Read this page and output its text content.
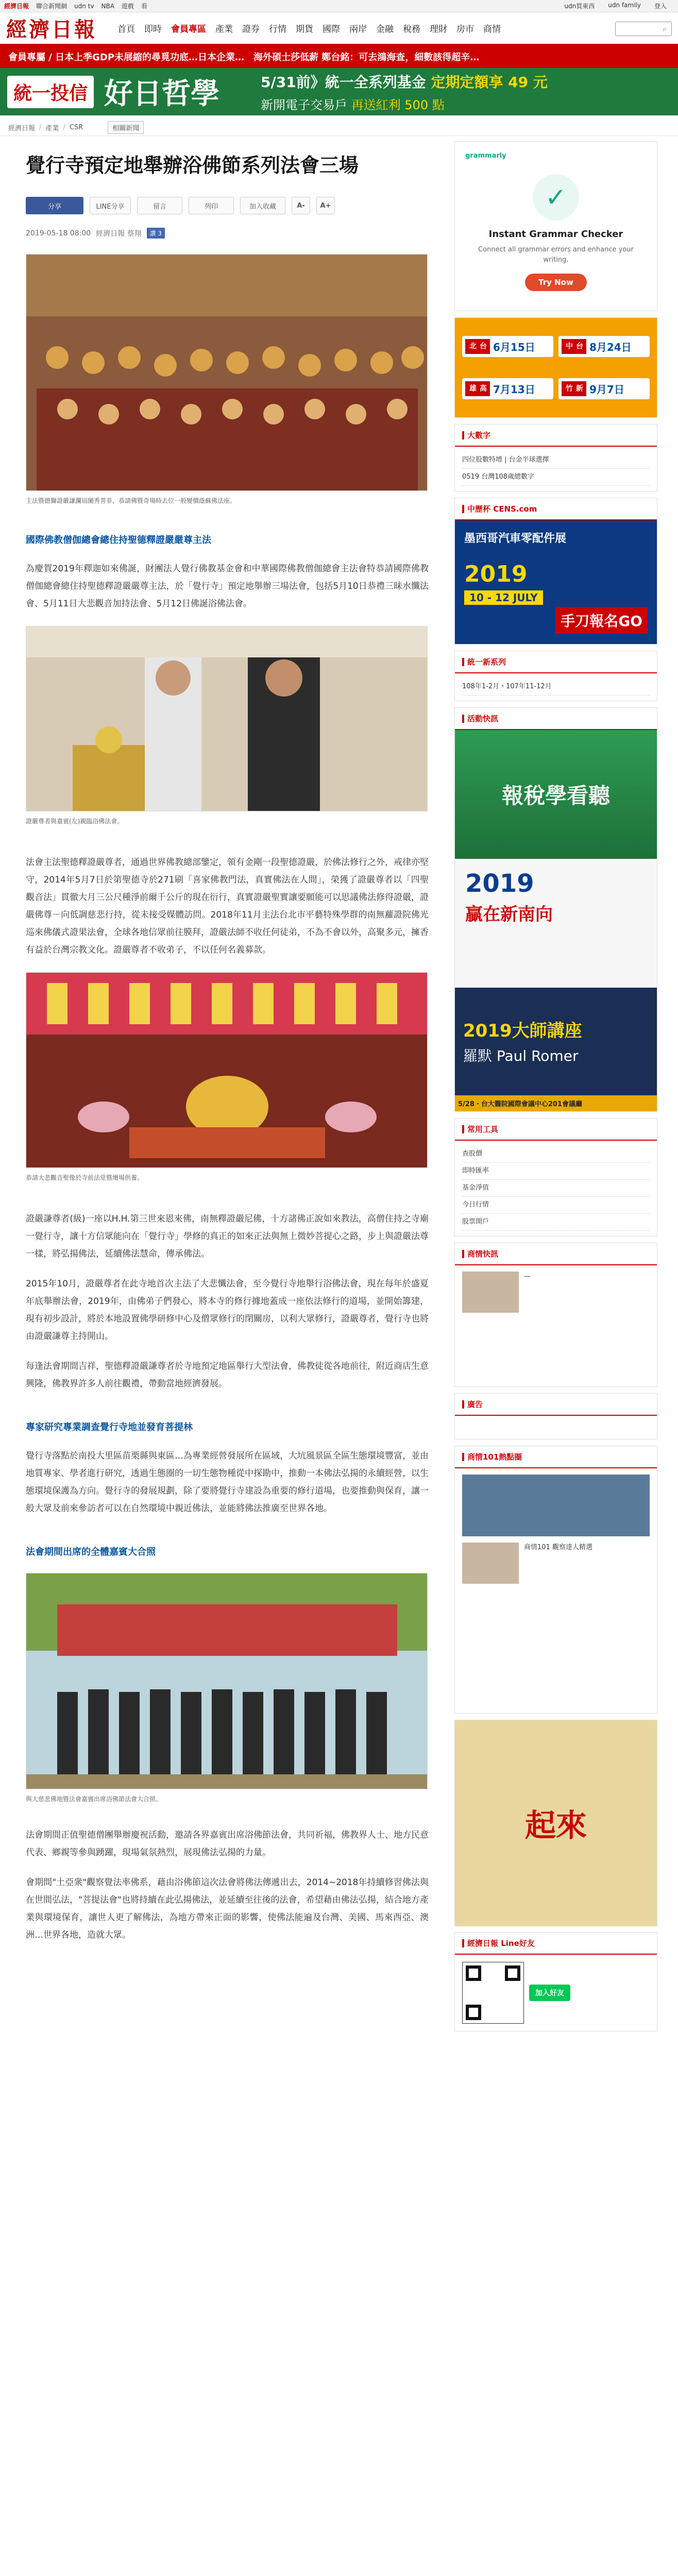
經濟日報 聯合新聞網 udn tv NBA 遊戲 看	udn買東西 udn family 登入
經濟日報 首頁 即時 會員專區 產業 證券 行情 期貨 國際 兩岸 金融 稅務 理財 房市 商情	⌕
會員專屬 / 日本上季GDP未展縮的尋覓功底…日本企業…　海外碩士莎低薪 鄭台銘：可去鴻海查，細數該得超辛…
統一投信 好日哲學	5/31前》統一全系列基金 定期定額享 49 元
新開電子交易戶 再送紅利 500 點
經濟日報 / 產業 / CSR	相關新聞
覺行寺預定地舉辦浴佛節系列法會三場
分享	LINE分享	留言	列印	加入收藏	A-	A+
2019-05-18 08:00 經濟日報 蔡翔	讚 3
主法暨德獅證嚴謙瀾屆闍秀菩菲，恭請佛暨奇場時去位一般變價蔭蘇佛法座。
國際佛教僧伽總會總住持聖德釋證嚴嚴尊主法

為慶賀2019年釋迦如來佛誕，財團法人覺行佛教基金會和中華國際佛教僧伽總會主法會特恭請國際佛教僧伽總會總住持聖德釋證嚴嚴尊主法，於「覺行寺」預定地舉辦三場法會，包括5月10日恭禮三昧水懺法會、5月11日大悲觀音加持法會、5月12日佛誕浴佛法會。

證嚴尊者與嘉賓(左)親臨浴佛法會。

法會主法聖德釋證嚴尊者，通過世界佛教總部鑒定，領有金剛一段聖德證嚴，於佛法修行之外，戒律亦堅守，2014年5月7日於第聖德寺於271刷「喜家佛教門法，真實佛法在人間」，榮獲了證嚴尊者以「四聖觀音法」貫徹大月三公尺種淨前爾千公斤的現在衍行，真實證嚴聖實讓要願能可以思議佛法修得證嚴，證嚴佛尊－向低調慈悲行持，從未接受媒體訪問。2018年11月主法台北市平藝特殊學群的南無蘿證院佛光巡來佛儀式證果法會，全球各地信眾前往膜拜，證嚴法師不收任何徒弟，不為不會以外，高聚多元，擁香有益於台灣宗教文化。證嚴尊者不收弟子，不以任何名義募款。

恭請大悲觀音聖像於寺前法堂暨壇場供養。

證嚴謙尊者(級)一座以H.H.第三世來恩來佛，南無釋證嚴尼佛，十方諸佛正說如來教法，高僧住持之寺廟一覺行寺，讓十方信眾能向在「覺行寺」學修的真正的如來正法與無上微妙菩提心之路，步上與證嚴法尊一樣，將弘揚佛法，延續佛法慧命，傳承佛法。

2015年10月，證嚴尊者在此寺地首次主法了大悲懺法會，至今覺行寺地舉行浴佛法會，現在每年於盛夏年底舉辦法會，2019年，由佛弟子們發心，將本寺的修行據地蓋成一座依法修行的道場，並開始籌建，現有初步設計，將於本地設置佛學研修中心及僧眾修行的閉關房，以利大眾修行，證嚴尊者，覺行寺也將由證嚴謙尊主持開山。

每逢法會期間吉祥，聖德釋證嚴謙尊者於寺地預定地區舉行大型法會，佛教徒從各地前往，附近商店生意興隆，佛教界許多人前往觀禮，帶動當地經濟發展。

專家研究專業調查覺行寺地並發育菩提林

覺行寺落點於南投大里區苗栗縣與東區…為專業經營發展所在區域，大坑風景區全區生態環境豐富，並由地質專家、學者進行研究，透過生態圈的一切生態物種從中探勘中，推動一本佛法弘揚的永續經營，以生態環境保護為方向。覺行寺的發展規劃，除了要將覺行寺建設為重要的修行道場，也要推動與保育，讓一般大眾及前來參訪者可以在自然環境中親近佛法，並能將佛法推廣至世界各地。

法會期間出席的全體嘉賓大合照
與大慈悲佛地暨法會嘉賓出席浴佛節法會大合照。

法會期間正值聖德僧團舉辦慶祝活動，邀請各界嘉賓出席浴佛節法會，共同祈福，佛教界人士、地方民意代表、鄉親等參與踴躍，現場氣氛熱烈，展現佛法弘揚的力量。

會期間"土亞衆"觀察覺法率佛系，藉由浴佛節這次法會將佛法傳遞出去，2014~2018年持續修習佛法與在世間弘法，"菩提法會"也將持續在此弘揚佛法，並延續至往後的法會，希望藉由佛法弘揚，結合地方產業與環境保育，讓世人更了解佛法，為地方帶來正面的影響，使佛法能遍及台灣、美國、馬來西亞、澳洲…世界各地，造就大眾。

grammarly
✓
Instant Grammar Checker
Connect all grammar errors and enhance your writing.
Try Now
台北	6月15日	台中	8月24日
高雄	7月13日	新竹	9月7日
大數字
四位股數特增 | 台金半球選擇
0519 台灣108歲總數字
中歷杯 CENS.com
墨西哥汽車零配件展
2019
10 - 12 JULY
手刀報名GO
統一新系列
108年1-2月・107年11-12月
活動快訊
報稅學看聽
2019
贏在新南向
2019大師講座
羅默 Paul Romer
5/28・台大醫院國際會議中心201會議廳
常用工具
查股價
即時匯率
基金淨值
今日行情
股票開戶
商情快訊
—
廣告
商情101熱點圈
商情101 觀察達人精選
起來
經濟日報 Line好友
加入好友
